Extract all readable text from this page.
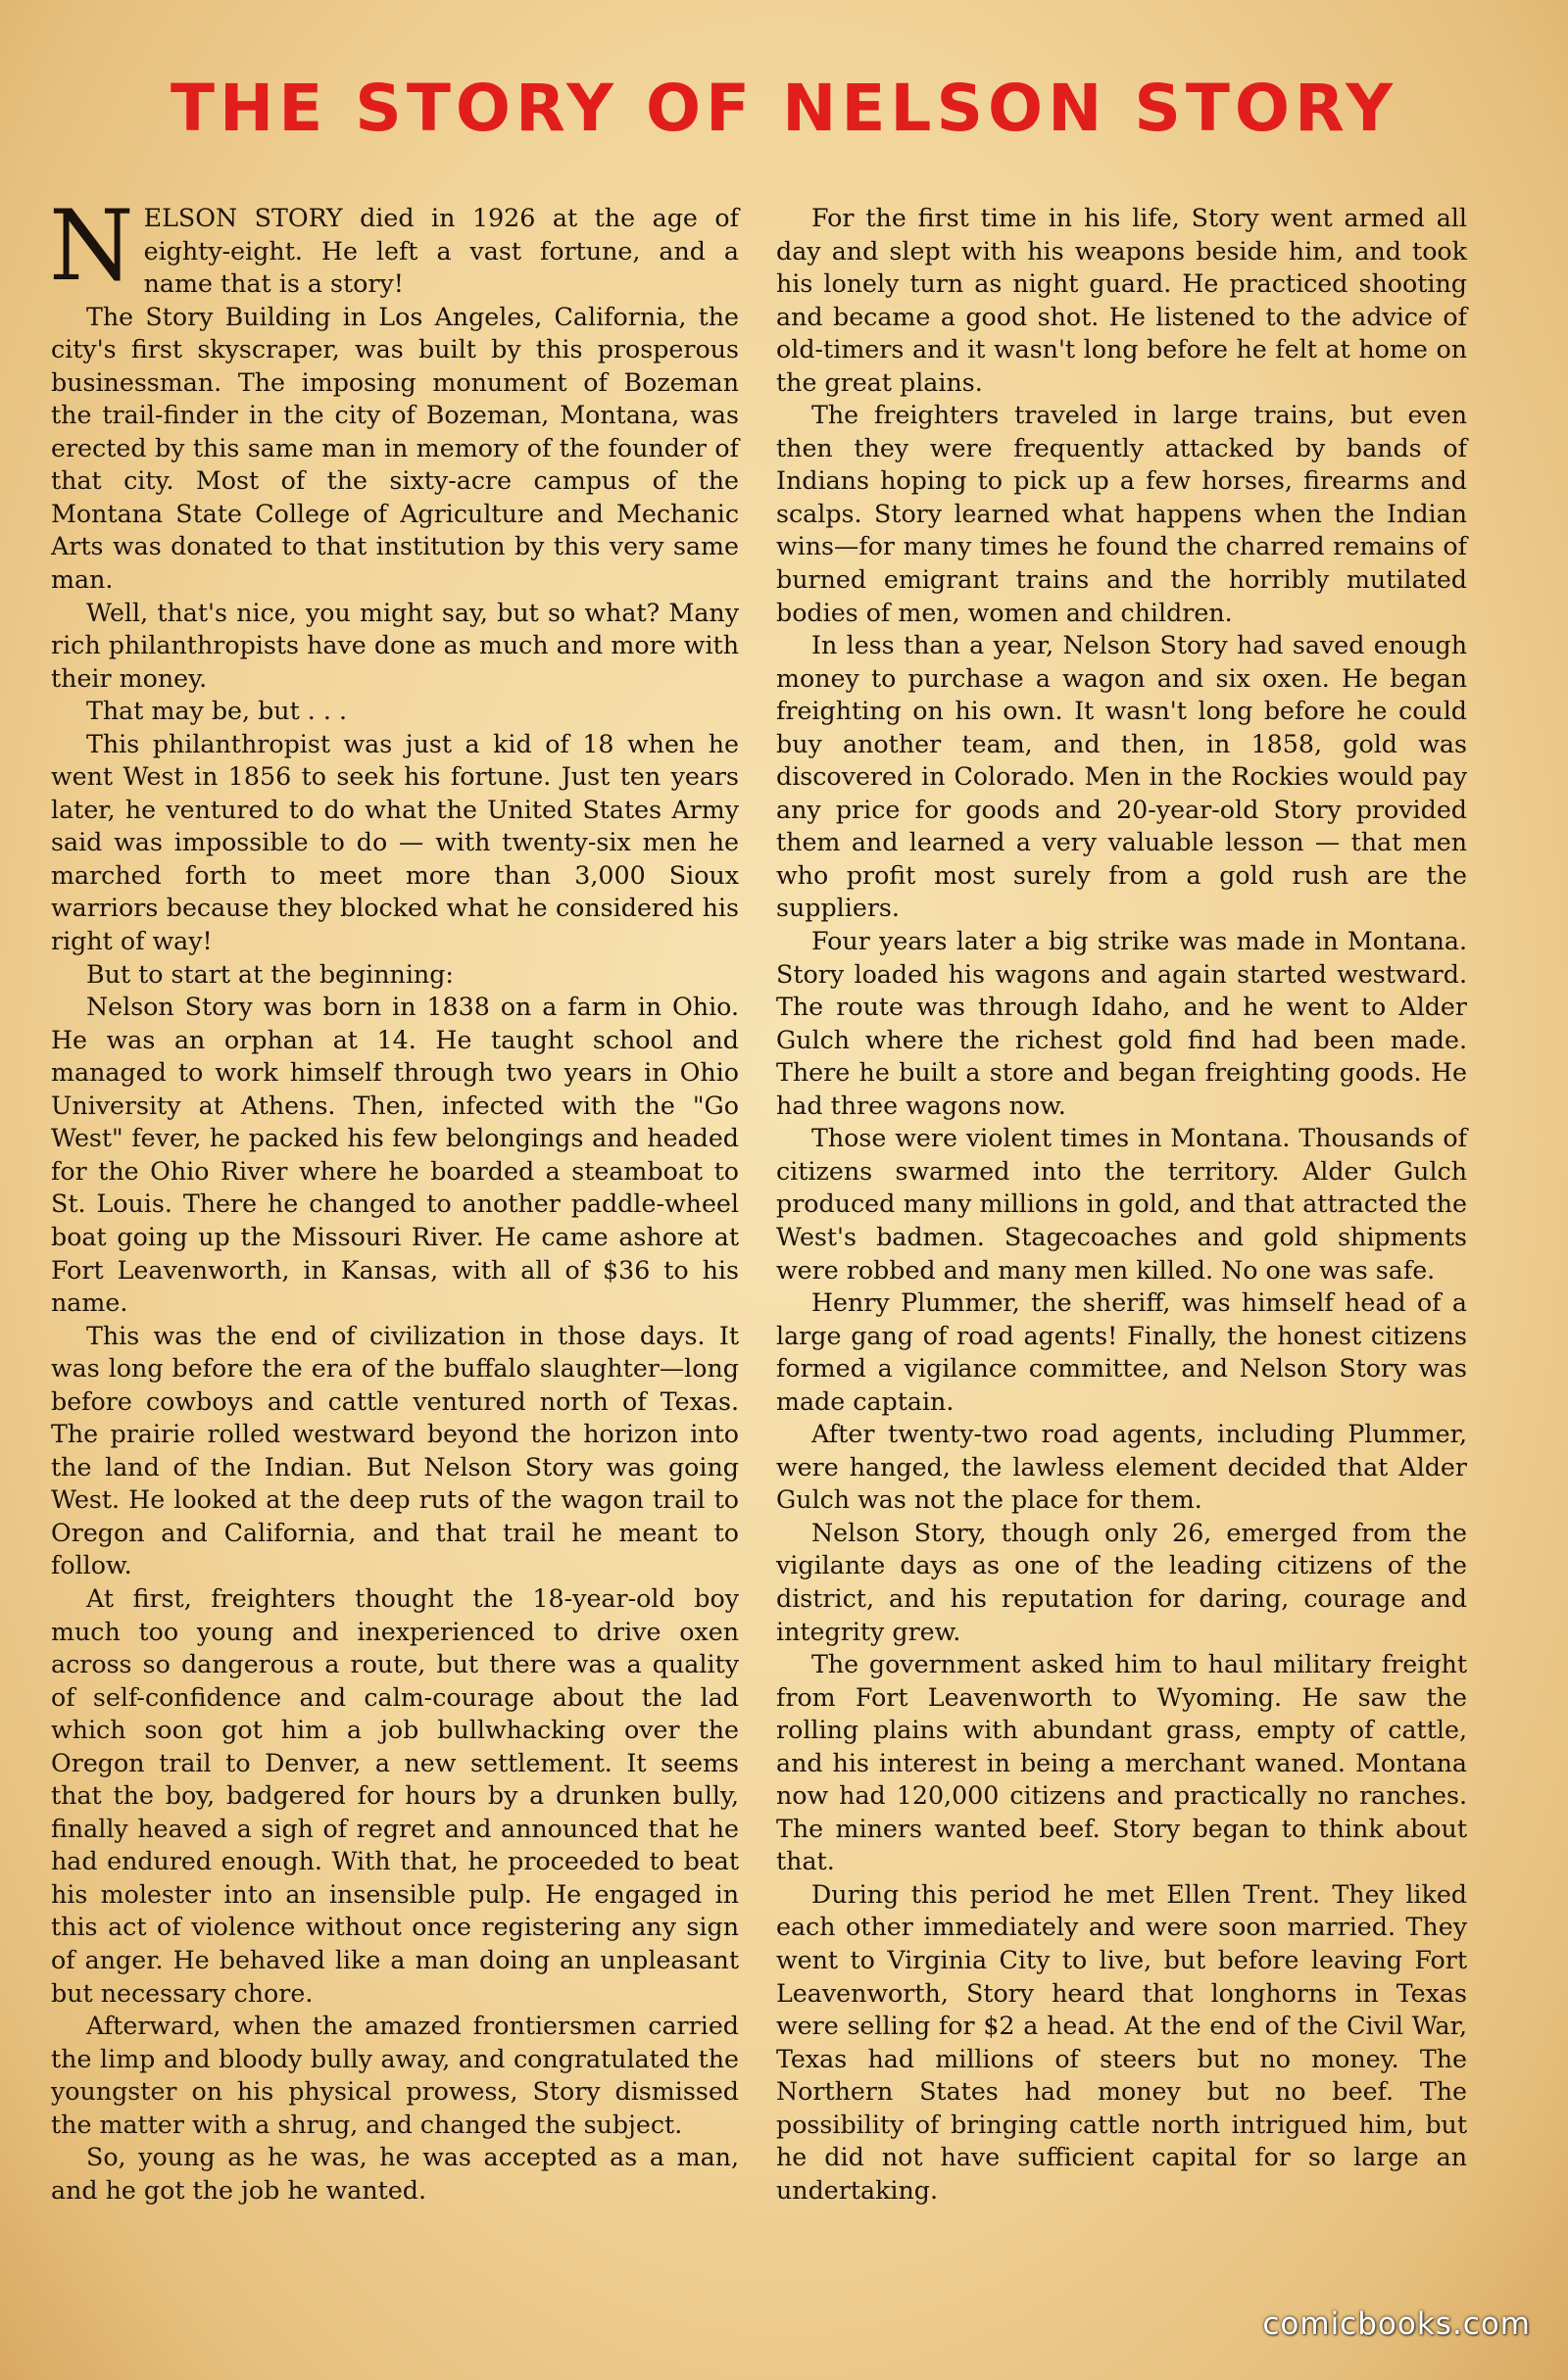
THE STORY OF NELSON STORY

NELSON STORY died in 1926 at the age of eighty-eight. He left a vast fortune, and a name that is a story!

The Story Building in Los Angeles, California, the city's first skyscraper, was built by this prosperous businessman. The imposing monument of Bozeman the trail-finder in the city of Bozeman, Montana, was erected by this same man in memory of the founder of that city. Most of the sixty-acre campus of the Montana State College of Agriculture and Mechanic Arts was donated to that institution by this very same man.

Well, that's nice, you might say, but so what? Many rich philanthropists have done as much and more with their money.

That may be, but . . .

This philanthropist was just a kid of 18 when he went West in 1856 to seek his fortune. Just ten years later, he ventured to do what the United States Army said was impossible to do — with twenty-six men he marched forth to meet more than 3,000 Sioux warriors because they blocked what he considered his right of way!

But to start at the beginning:

Nelson Story was born in 1838 on a farm in Ohio. He was an orphan at 14. He taught school and managed to work himself through two years in Ohio University at Athens. Then, infected with the "Go West" fever, he packed his few belongings and headed for the Ohio River where he boarded a steamboat to St. Louis. There he changed to another paddle-wheel boat going up the Missouri River. He came ashore at Fort Leavenworth, in Kansas, with all of $36 to his name.

This was the end of civilization in those days. It was long before the era of the buffalo slaughter—long before cowboys and cattle ventured north of Texas. The prairie rolled westward beyond the horizon into the land of the Indian. But Nelson Story was going West. He looked at the deep ruts of the wagon trail to Oregon and California, and that trail he meant to follow.

At first, freighters thought the 18-year-old boy much too young and inexperienced to drive oxen across so dangerous a route, but there was a quality of self-confidence and calm-courage about the lad which soon got him a job bullwhacking over the Oregon trail to Denver, a new settlement. It seems that the boy, badgered for hours by a drunken bully, finally heaved a sigh of regret and announced that he had endured enough. With that, he proceeded to beat his molester into an insensible pulp. He engaged in this act of violence without once registering any sign of anger. He behaved like a man doing an unpleasant but necessary chore.

Afterward, when the amazed frontiersmen carried the limp and bloody bully away, and congratulated the youngster on his physical prowess, Story dismissed the matter with a shrug, and changed the subject.

So, young as he was, he was accepted as a man, and he got the job he wanted.

For the first time in his life, Story went armed all day and slept with his weapons beside him, and took his lonely turn as night guard. He practiced shooting and became a good shot. He listened to the advice of old-timers and it wasn't long before he felt at home on the great plains.

The freighters traveled in large trains, but even then they were frequently attacked by bands of Indians hoping to pick up a few horses, firearms and scalps. Story learned what happens when the Indian wins—for many times he found the charred remains of burned emigrant trains and the horribly mutilated bodies of men, women and children.

In less than a year, Nelson Story had saved enough money to purchase a wagon and six oxen. He began freighting on his own. It wasn't long before he could buy another team, and then, in 1858, gold was discovered in Colorado. Men in the Rockies would pay any price for goods and 20-year-old Story provided them and learned a very valuable lesson — that men who profit most surely from a gold rush are the suppliers.

Four years later a big strike was made in Montana. Story loaded his wagons and again started westward. The route was through Idaho, and he went to Alder Gulch where the richest gold find had been made. There he built a store and began freighting goods. He had three wagons now.

Those were violent times in Montana. Thousands of citizens swarmed into the territory. Alder Gulch produced many millions in gold, and that attracted the West's badmen. Stagecoaches and gold shipments were robbed and many men killed. No one was safe.

Henry Plummer, the sheriff, was himself head of a large gang of road agents! Finally, the honest citizens formed a vigilance committee, and Nelson Story was made captain.

After twenty-two road agents, including Plummer, were hanged, the lawless element decided that Alder Gulch was not the place for them.

Nelson Story, though only 26, emerged from the vigilante days as one of the leading citizens of the district, and his reputation for daring, courage and integrity grew.

The government asked him to haul military freight from Fort Leavenworth to Wyoming. He saw the rolling plains with abundant grass, empty of cattle, and his interest in being a merchant waned. Montana now had 120,000 citizens and practically no ranches. The miners wanted beef. Story began to think about that.

During this period he met Ellen Trent. They liked each other immediately and were soon married. They went to Virginia City to live, but before leaving Fort Leavenworth, Story heard that longhorns in Texas were selling for $2 a head. At the end of the Civil War, Texas had millions of steers but no money. The Northern States had money but no beef. The possibility of bringing cattle north intrigued him, but he did not have sufficient capital for so large an undertaking.

comicbooks.com
